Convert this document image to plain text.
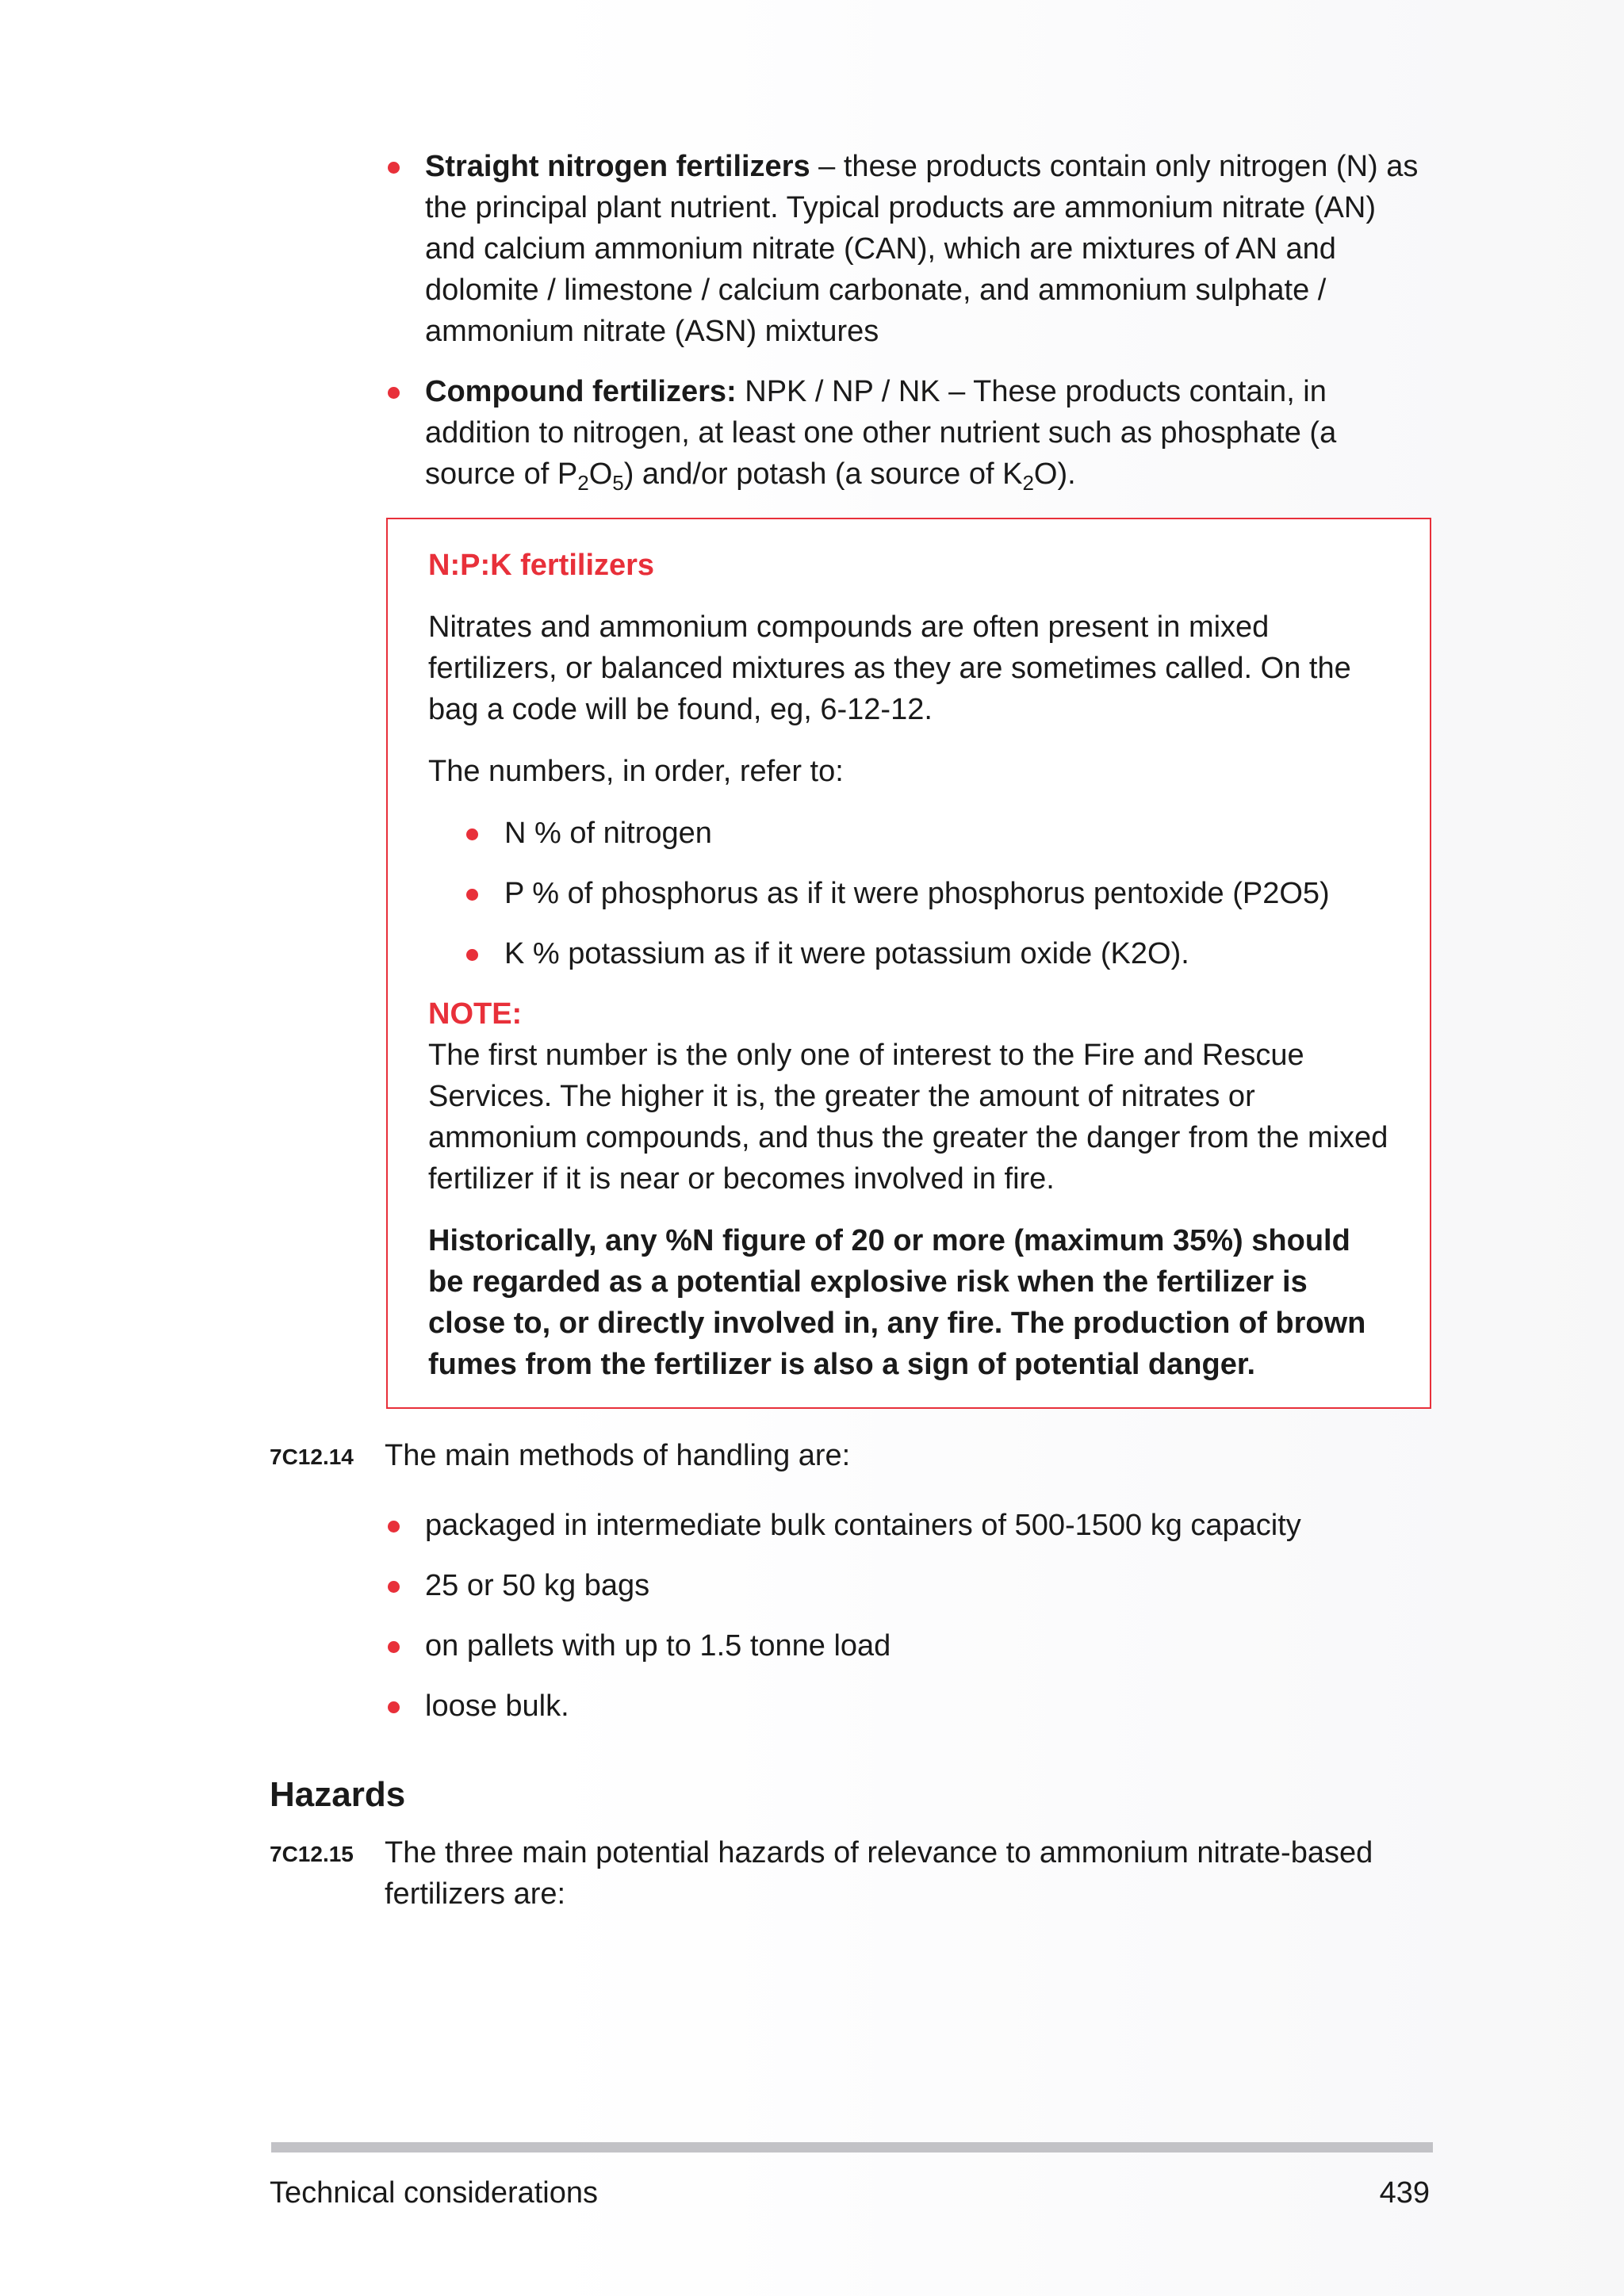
Straight nitrogen fertilizers – these products contain only nitrogen (N) as the principal plant nutrient. Typical products are ammonium nitrate (AN) and calcium ammonium nitrate (CAN), which are mixtures of AN and dolomite / limestone / calcium carbonate, and ammonium sulphate / ammonium nitrate (ASN) mixtures
Compound fertilizers: NPK / NP / NK – These products contain, in addition to nitrogen, at least one other nutrient such as phosphate (a source of $P_2O_5$) and/or potash (a source of $K_2O$).
N:P:K fertilizers

Nitrates and ammonium compounds are often present in mixed fertilizers, or balanced mixtures as they are sometimes called. On the bag a code will be found, eg, 6-12-12.

The numbers, in order, refer to:

N % of nitrogen
P % of phosphorus as if it were phosphorus pentoxide (P2O5)
K % potassium as if it were potassium oxide (K2O).
NOTE:

The first number is the only one of interest to the Fire and Rescue Services. The higher it is, the greater the amount of nitrates or ammonium compounds, and thus the greater the danger from the mixed fertilizer if it is near or becomes involved in fire.

Historically, any %N figure of 20 or more (maximum 35%) should be regarded as a potential explosive risk when the fertilizer is close to, or directly involved in, any fire. The production of brown fumes from the fertilizer is also a sign of potential danger.

7C12.14 The main methods of handling are:
packaged in intermediate bulk containers of 500-1500 kg capacity
25 or 50 kg bags
on pallets with up to 1.5 tonne load
loose bulk.
Hazards
7C12.15 The three main potential hazards of relevance to ammonium nitrate-based fertilizers are:
Technical considerations	439
